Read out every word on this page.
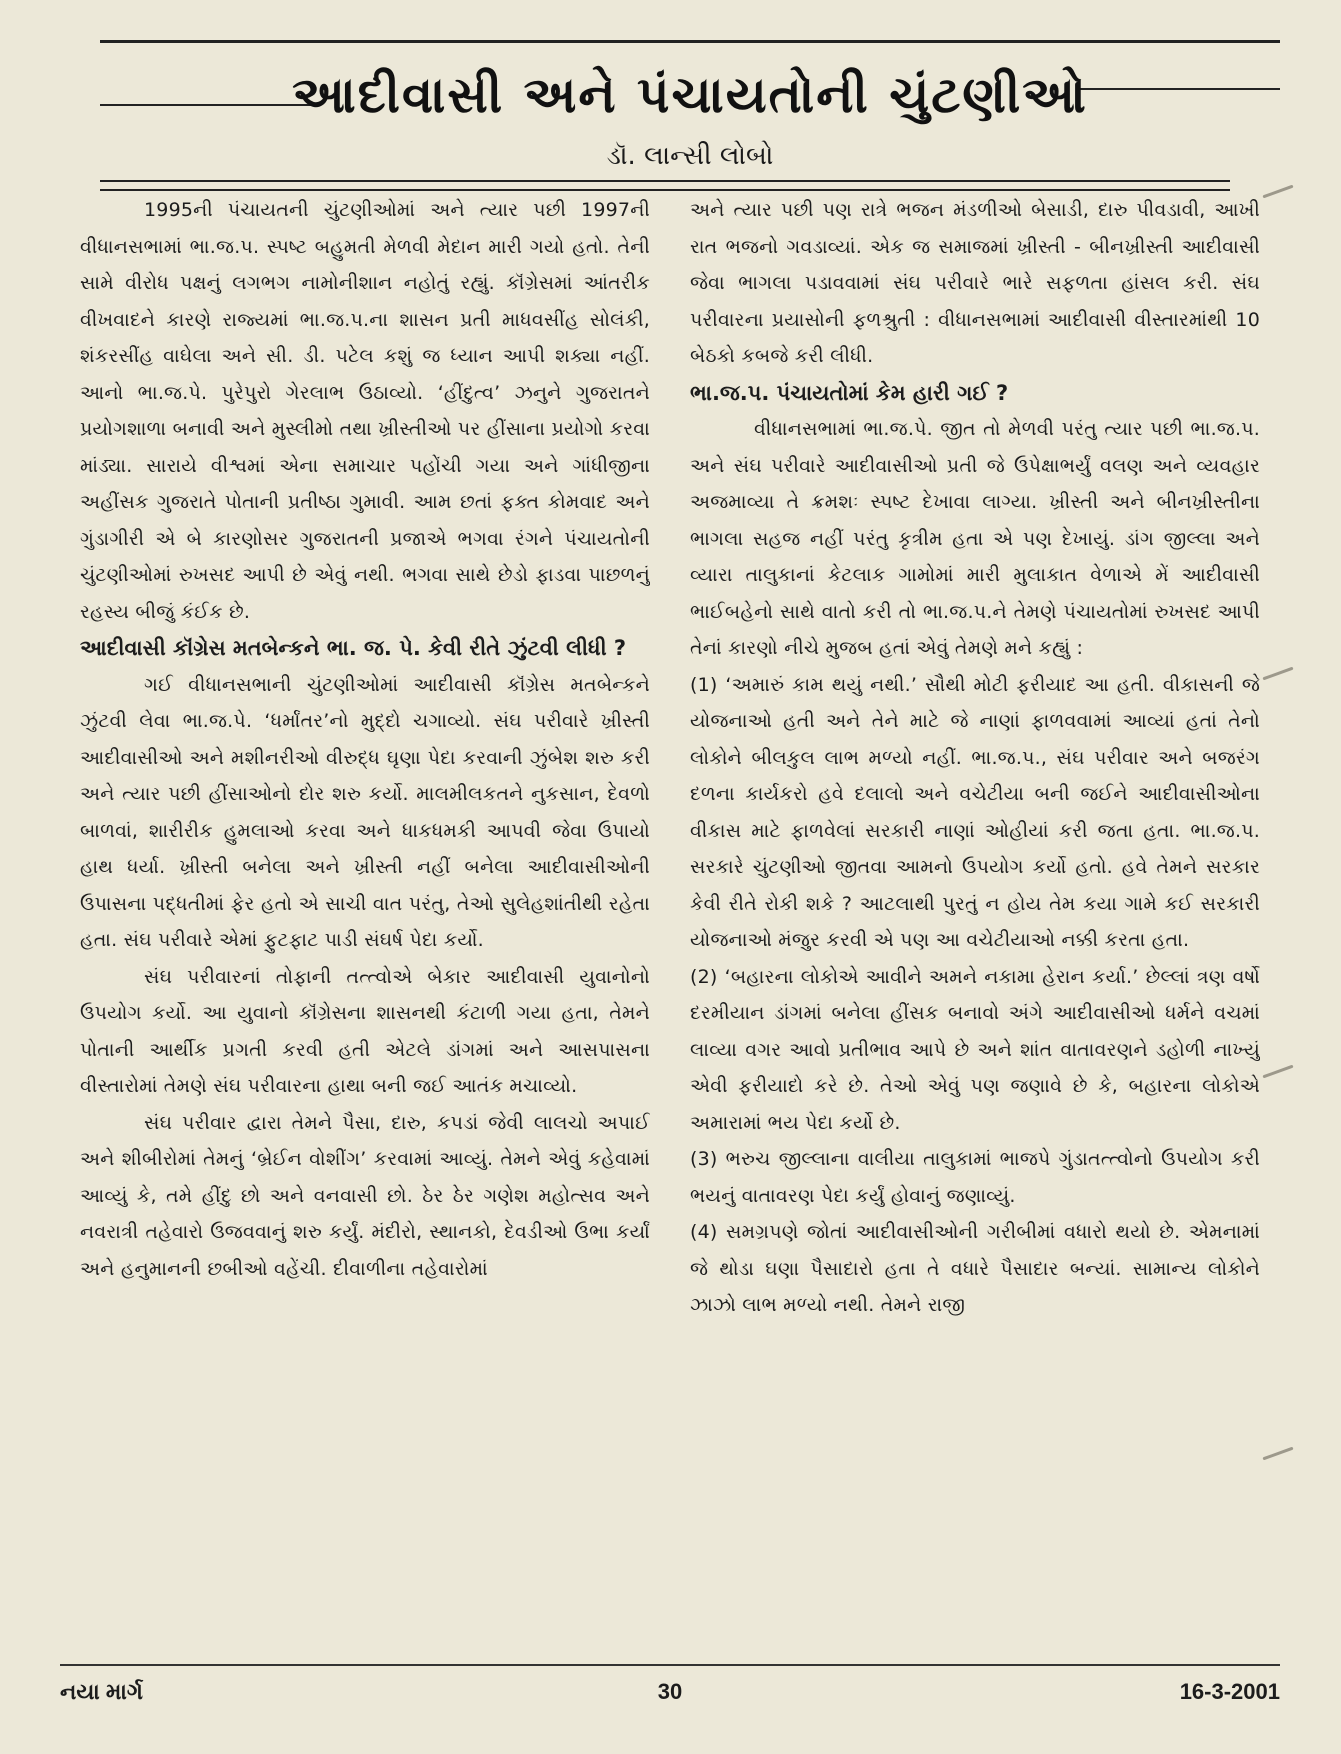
આદીવાસી અને પંચાયતોની ચુંટણીઓ
ડૉ. લાન્સી લોબો

1995ની પંચાયતની ચુંટણીઓમાં અને ત્યાર પછી 1997ની વીધાનસભામાં ભા.જ.પ. સ્પષ્ટ બહુમતી મેળવી મેદાન મારી ગયો હતો. તેની સામે વીરોધ પક્ષનું લગભગ નામોનીશાન નહોતું રહ્યું. કૉંગ્રેસમાં આંતરીક વીખવાદને કારણે રાજ્યમાં ભા.જ.પ.ના શાસન પ્રતી માધવસીંહ સોલંકી, શંકરસીંહ વાઘેલા અને સી. ડી. પટેલ કશું જ ધ્યાન આપી શક્યા નહીં. આનો ભા.જ.પે. પુરેપુરો ગેરલાભ ઉઠાવ્યો. ‘હીંદુત્વ’ ઝનુને ગુજરાતને પ્રયોગશાળા બનાવી અને મુસ્લીમો તથા ખ્રીસ્તીઓ પર હીંસાના પ્રયોગો કરવા માંડ્યા. સારાયે વીશ્વમાં એના સમાચાર પહોંચી ગયા અને ગાંધીજીના અહીંસક ગુજરાતે પોતાની પ્રતીષ્ઠા ગુમાવી. આમ છતાં ફક્ત કોમવાદ અને ગુંડાગીરી એ બે કારણોસર ગુજરાતની પ્રજાએ ભગવા રંગને પંચાયતોની ચુંટણીઓમાં રુખસદ આપી છે એવું નથી. ભગવા સાથે છેડો ફાડવા પાછળનું રહસ્ય બીજું કંઈક છે.

આદીવાસી કૉંગ્રેસ મતબેન્કને ભા. જ. પે. કેવી રીતે ઝુંટવી લીધી ?

ગઈ વીધાનસભાની ચુંટણીઓમાં આદીવાસી કૉંગ્રેસ મતબેન્કને ઝુંટવી લેવા ભા.જ.પે. ‘ધર્માંતર’નો મુદ્દો ચગાવ્યો. સંઘ પરીવારે ખ્રીસ્તી આદીવાસીઓ અને મશીનરીઓ વીરુદ્ધ ઘૃણા પેદા કરવાની ઝુંબેશ શરુ કરી અને ત્યાર પછી હીંસાઓનો દોર શરુ કર્યો. માલમીલકતને નુકસાન, દેવળો બાળવાં, શારીરીક હુમલાઓ કરવા અને ધાકધમકી આપવી જેવા ઉપાયો હાથ ધર્યા. ખ્રીસ્તી બનેલા અને ખ્રીસ્તી નહીં બનેલા આદીવાસીઓની ઉપાસના પદ્ધતીમાં ફેર હતો એ સાચી વાત પરંતુ, તેઓ સુલેહશાંતીથી રહેતા હતા. સંઘ પરીવારે એમાં ફુટફાટ પાડી સંઘર્ષ પેદા કર્યો.

સંઘ પરીવારનાં તોફાની તત્ત્વોએ બેકાર આદીવાસી યુવાનોનો ઉપયોગ કર્યો. આ યુવાનો કૉંગ્રેસના શાસનથી કંટાળી ગયા હતા, તેમને પોતાની આર્થીક પ્રગતી કરવી હતી એટલે ડાંગમાં અને આસપાસના વીસ્તારોમાં તેમણે સંઘ પરીવારના હાથા બની જઈ આતંક મચાવ્યો.

સંઘ પરીવાર દ્વારા તેમને પૈસા, દારુ, કપડાં જેવી લાલચો અપાઈ અને શીબીરોમાં તેમનું ‘બ્રેઈન વોશીંગ’ કરવામાં આવ્યું. તેમને એવું કહેવામાં આવ્યું કે, તમે હીંદુ છો અને વનવાસી છો. ઠેર ઠેર ગણેશ મહોત્સવ અને નવરાત્રી તહેવારો ઉજવવાનું શરુ કર્યું. મંદીરો, સ્થાનકો, દેવડીઓ ઉભા કર્યાં અને હનુમાનની છબીઓ વહેંચી. દીવાળીના તહેવારોમાં

અને ત્યાર પછી પણ રાત્રે ભજન મંડળીઓ બેસાડી, દારુ પીવડાવી, આખી રાત ભજનો ગવડાવ્યાં. એક જ સમાજમાં ખ્રીસ્તી - બીનખ્રીસ્તી આદીવાસી જેવા ભાગલા પડાવવામાં સંઘ પરીવારે ભારે સફળતા હાંસલ કરી. સંઘ પરીવારના પ્રયાસોની ફળશ્રુતી : વીધાનસભામાં આદીવાસી વીસ્તારમાંથી 10 બેઠકો કબજે કરી લીધી.

ભા.જ.પ. પંચાયતોમાં કેમ હારી ગઈ ?

વીધાનસભામાં ભા.જ.પે. જીત તો મેળવી પરંતુ ત્યાર પછી ભા.જ.પ. અને સંઘ પરીવારે આદીવાસીઓ પ્રતી જે ઉપેક્ષાભર્યું વલણ અને વ્યવહાર અજમાવ્યા તે ક્રમશઃ સ્પષ્ટ દેખાવા લાગ્યા. ખ્રીસ્તી અને બીનખ્રીસ્તીના ભાગલા સહજ નહીં પરંતુ કૃત્રીમ હતા એ પણ દેખાયું. ડાંગ જીલ્લા અને વ્યારા તાલુકાનાં કેટલાક ગામોમાં મારી મુલાકાત વેળાએ મેં આદીવાસી ભાઈબહેનો સાથે વાતો કરી તો ભા.જ.પ.ને તેમણે પંચાયતોમાં રુખસદ આપી તેનાં કારણો નીચે મુજબ હતાં એવું તેમણે મને કહ્યું :

(1) ‘અમારું કામ થયું નથી.’ સૌથી મોટી ફરીયાદ આ હતી. વીકાસની જે યોજનાઓ હતી અને તેને માટે જે નાણાં ફાળવવામાં આવ્યાં હતાં તેનો લોકોને બીલકુલ લાભ મળ્યો નહીં. ભા.જ.પ., સંઘ પરીવાર અને બજરંગ દળના કાર્યકરો હવે દલાલો અને વચેટીયા બની જઈને આદીવાસીઓના વીકાસ માટે ફાળવેલાં સરકારી નાણાં ઓહીયાં કરી જતા હતા. ભા.જ.પ. સરકારે ચુંટણીઓ જીતવા આમનો ઉપયોગ કર્યો હતો. હવે તેમને સરકાર કેવી રીતે રોકી શકે ? આટલાથી પુરતું ન હોય તેમ કયા ગામે કઈ સરકારી યોજનાઓ મંજુર કરવી એ પણ આ વચેટીયાઓ નક્કી કરતા હતા.

(2) ‘બહારના લોકોએ આવીને અમને નકામા હેરાન કર્યા.’ છેલ્લાં ત્રણ વર્ષો દરમીયાન ડાંગમાં બનેલા હીંસક બનાવો અંગે આદીવાસીઓ ધર્મને વચમાં લાવ્યા વગર આવો પ્રતીભાવ આપે છે અને શાંત વાતાવરણને ડહોળી નાખ્યું એવી ફરીયાદો કરે છે. તેઓ એવું પણ જણાવે છે કે, બહારના લોકોએ અમારામાં ભય પેદા કર્યો છે.

(3) ભરુચ જીલ્લાના વાલીયા તાલુકામાં ભાજપે ગુંડાતત્ત્વોનો ઉપયોગ કરી ભયનું વાતાવરણ પેદા કર્યું હોવાનું જણાવ્યું.

(4) સમગ્રપણે જોતાં આદીવાસીઓની ગરીબીમાં વધારો થયો છે. એમનામાં જે થોડા ઘણા પૈસાદારો હતા તે વધારે પૈસાદાર બન્યાં. સામાન્ય લોકોને ઝાઝો લાભ મળ્યો નથી. તેમને રાજી

નયા માર્ગ	30	16-3-2001
